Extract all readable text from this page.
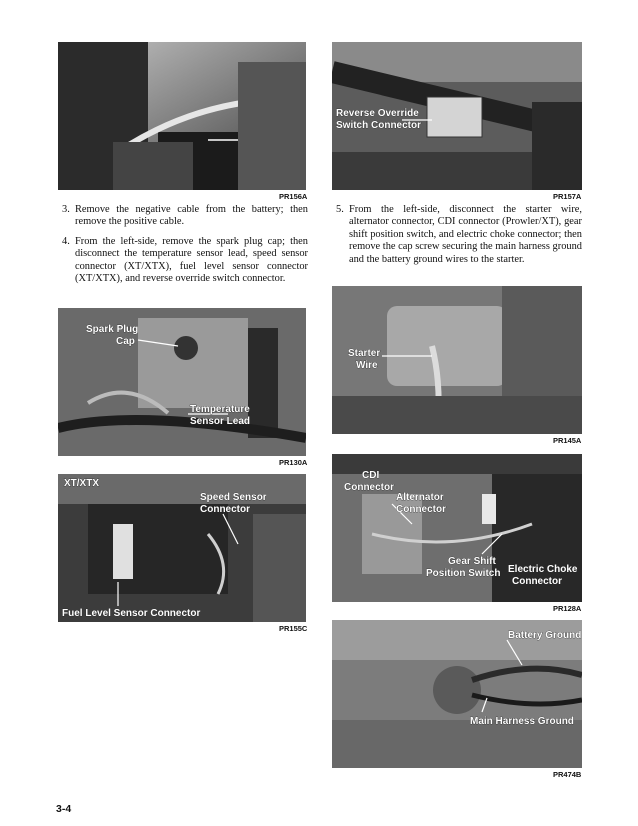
PR156A
Reverse Override
Switch Connector
PR157A
3. Remove the negative cable from the battery; then remove the positive cable.
4. From the left-side, remove the spark plug cap; then disconnect the temperature sensor lead, speed sensor connector (XT/XTX), fuel level sensor connector (XT/XTX), and reverse override switch connector.
5. From the left-side, disconnect the starter wire, alternator connector, CDI connector (Prowler/XT), gear shift position switch, and electric choke connector; then remove the cap screw securing the main harness ground and the battery ground wires to the starter.
Spark Plug
Cap
Temperature
Sensor Lead
PR130A
Starter
Wire
PR145A
XT/XTX
Speed Sensor
Connector
Fuel Level Sensor Connector
PR155C
CDI
Connector
Alternator
Connector
Gear Shift
Position Switch Electric Choke
Connector
PR128A
Battery Ground
Main Harness Ground
PR474B
3-4
